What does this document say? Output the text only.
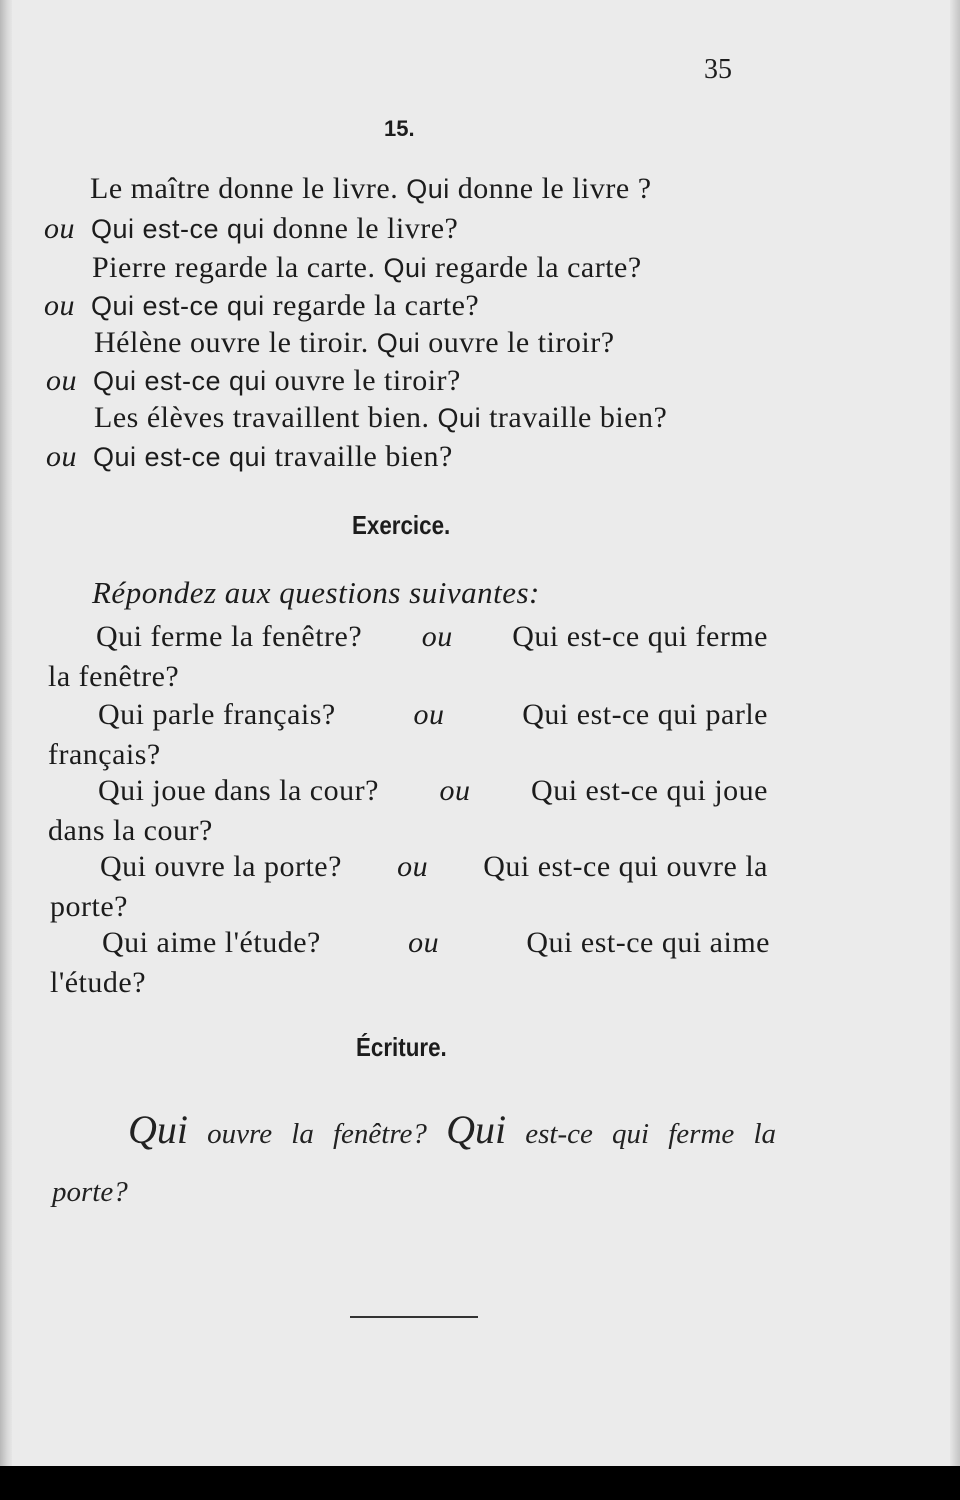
35
15.
Le maître donne le livre. Qui donne le livre ?
ou Qui est-ce qui donne le livre?
Pierre regarde la carte. Qui regarde la carte?
ou Qui est-ce qui regarde la carte?
Hélène ouvre le tiroir. Qui ouvre le tiroir?
ou Qui est-ce qui ouvre le tiroir?
Les élèves travaillent bien. Qui travaille bien?
ou Qui est-ce qui travaille bien?
Exercice.
Répondez aux questions suivantes:
Qui ferme la fenêtre? ou Qui est-ce qui ferme
la fenêtre?
Qui parle français?	ou	Qui est-ce qui parle
français?
Qui joue dans la cour? ou Qui est-ce qui joue
dans la cour?
Qui ouvre la porte? ou Qui est-ce qui ouvre la
porte?
Qui aime l'étude?	ou	Qui est-ce qui aime
l'étude?
Écriture.
Qui ouvre la fenêtre? Qui est-ce qui ferme la
porte?
